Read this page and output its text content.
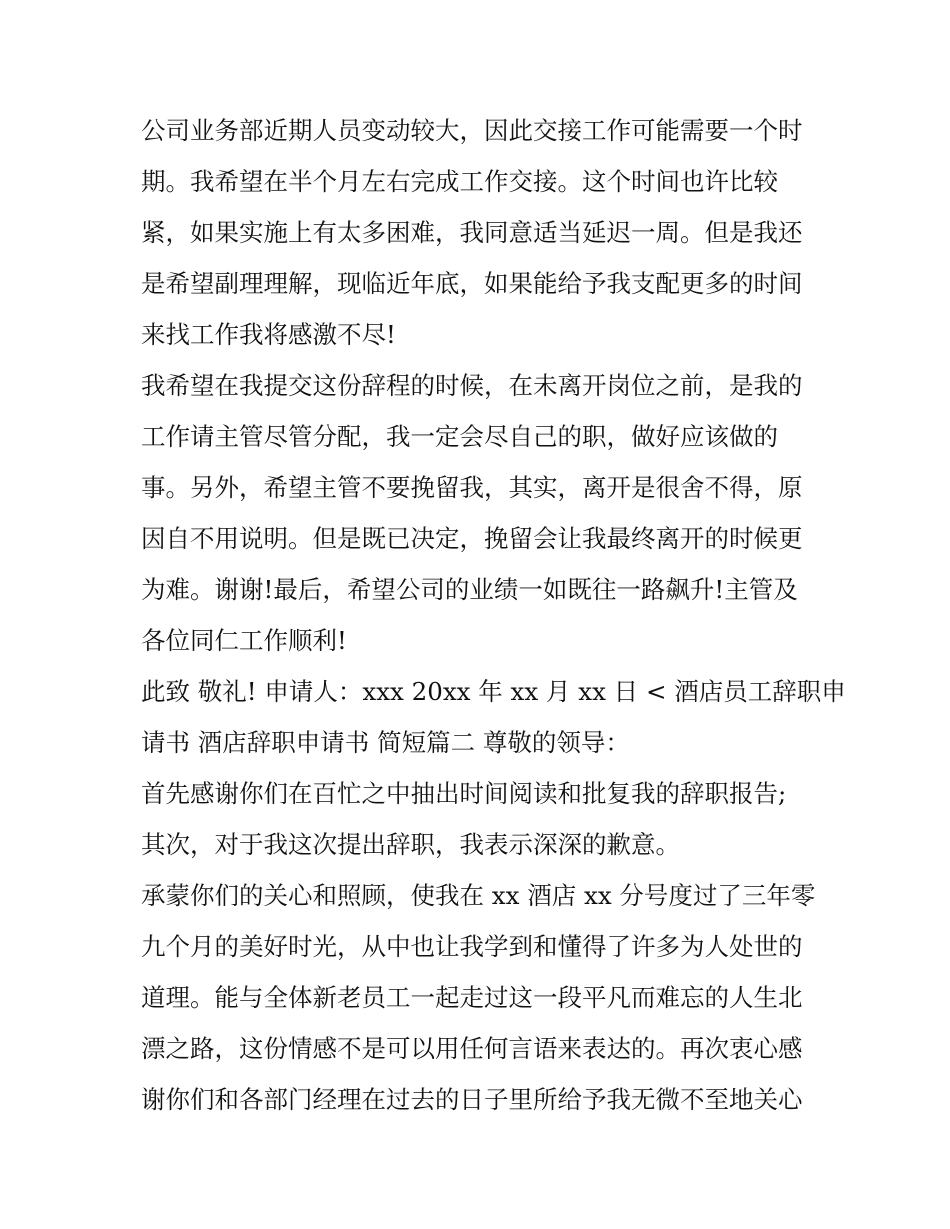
公司业务部近期人员变动较大，因此交接工作可能需要一个时
期。我希望在半个月左右完成工作交接。这个时间也许比较
紧，如果实施上有太多困难，我同意适当延迟一周。但是我还
是希望副理理解，现临近年底，如果能给予我支配更多的时间
来找工作我将感激不尽!
我希望在我提交这份辞程的时候，在未离开岗位之前，是我的
工作请主管尽管分配，我一定会尽自己的职，做好应该做的
事。另外，希望主管不要挽留我，其实，离开是很舍不得，原
因自不用说明。但是既已决定，挽留会让我最终离开的时候更
为难。谢谢!最后，希望公司的业绩一如既往一路飙升!主管及
各位同仁工作顺利!
此致 敬礼! 申请人：xxx 20xx 年 xx 月 xx 日 < 酒店员工辞职申
请书 酒店辞职申请书 简短篇二 尊敬的领导：
首先感谢你们在百忙之中抽出时间阅读和批复我的辞职报告;
其次，对于我这次提出辞职，我表示深深的歉意。
承蒙你们的关心和照顾，使我在 xx 酒店 xx 分号度过了三年零
九个月的美好时光，从中也让我学到和懂得了许多为人处世的
道理。能与全体新老员工一起走过这一段平凡而难忘的人生北
漂之路，这份情感不是可以用任何言语来表达的。再次衷心感
谢你们和各部门经理在过去的日子里所给予我无微不至地关心
